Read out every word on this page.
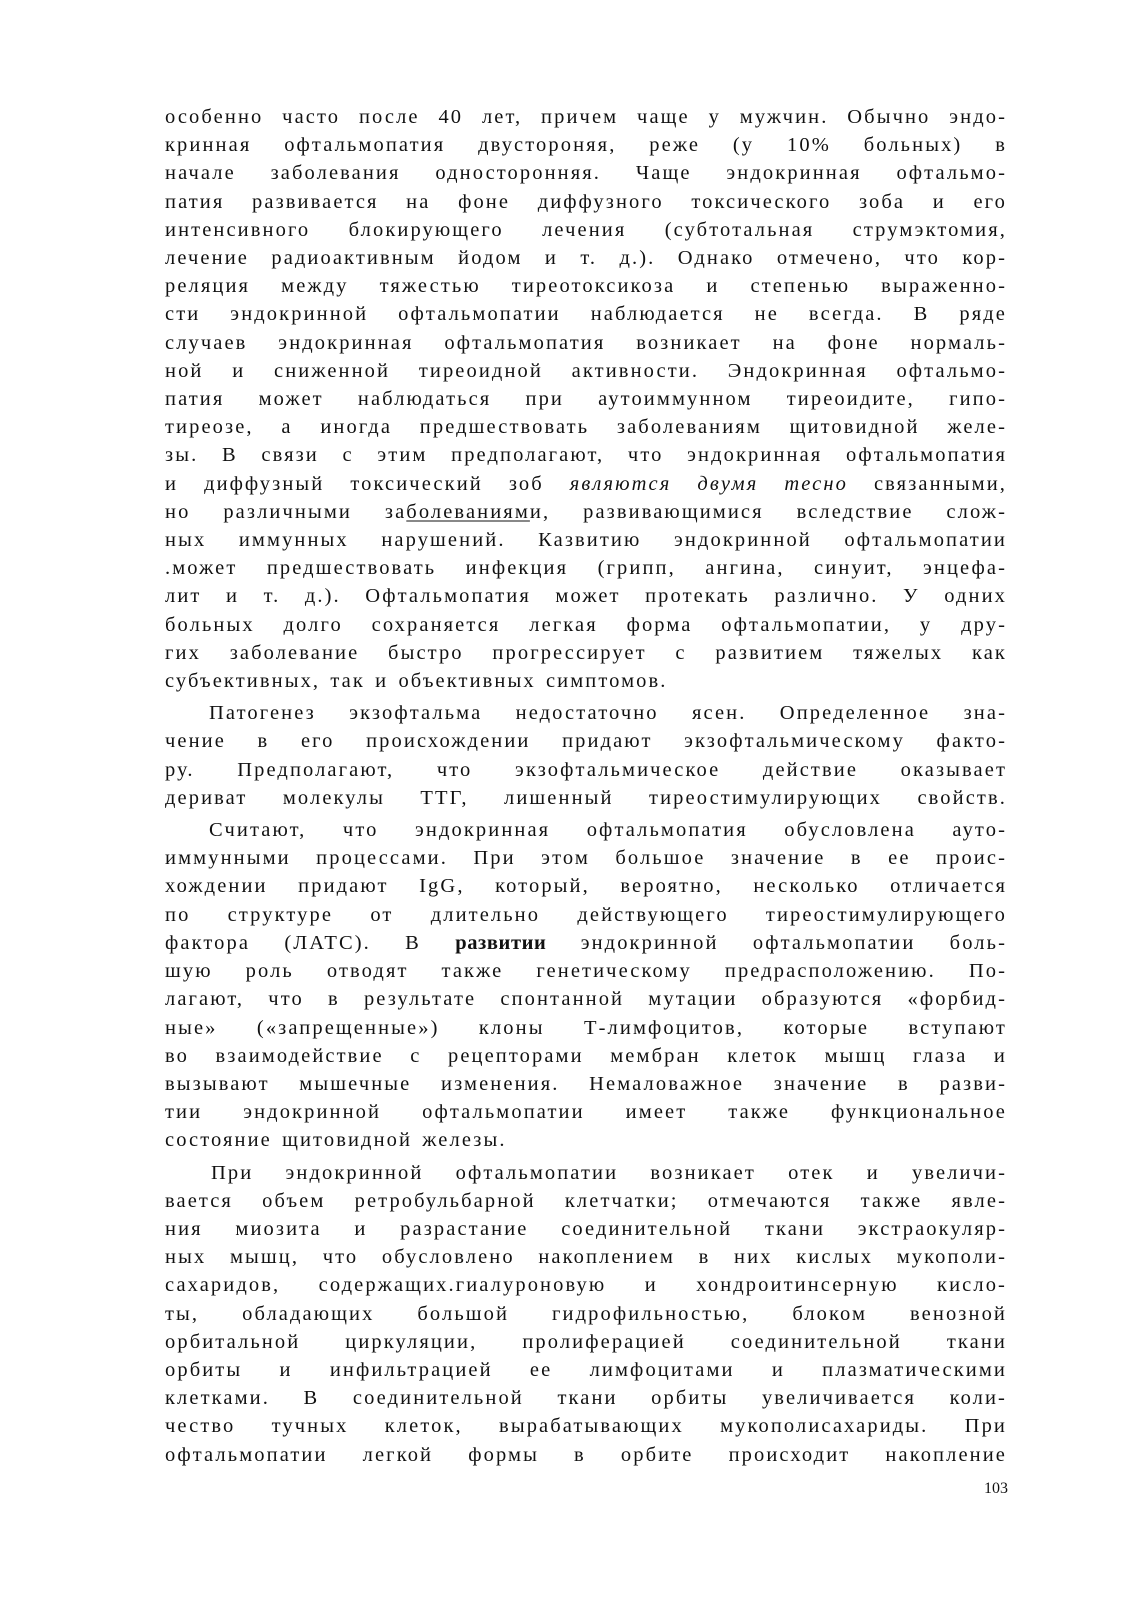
особенно часто после 40 лет, причем чаще у мужчин. Обычно эндо-
кринная офтальмопатия двустороняя, реже (у 10% больных) в
начале заболевания односторонняя. Чаще эндокринная офтальмо-
патия развивается на фоне диффузного токсического зоба и его
интенсивного блокирующего лечения (субтотальная струмэктомия,
лечение радиоактивным йодом и т. д.). Однако отмечено, что кор-
реляция между тяжестью тиреотоксикоза и степенью выраженно-
сти эндокринной офтальмопатии наблюдается не всегда. В ряде
случаев эндокринная офтальмопатия возникает на фоне нормаль-
ной и сниженной тиреоидной активности. Эндокринная офтальмо-
патия может наблюдаться при аутоиммунном тиреоидите, гипо-
тиреозе, а иногда предшествовать заболеваниям щитовидной желе-
зы. В связи с этим предполагают, что эндокринная офтальмопатия
и диффузный токсический зоб являются двумя тесно связанными,
но различными заболеваниями, развивающимися вследствие слож-
ных иммунных нарушений. Казвитию эндокринной офтальмопатии
.может предшествовать инфекция (грипп, ангина, синуит, энцефа-
лит и т. д.). Офтальмопатия может протекать различно. У одних
больных долго сохраняется легкая форма офтальмопатии, у дру-
гих заболевание быстро прогрессирует с развитием тяжелых как
субъективных, так и объективных симптомов.
Патогенез экзофтальма недостаточно ясен. Определенное зна-
чение в его происхождении придают экзофтальмическому факто-
ру. Предполагают, что экзофтальмическое действие оказывает
дериват молекулы ТТГ, лишенный тиреостимулирующих свойств.
Считают, что эндокринная офтальмопатия обусловлена ауто-
иммунными процессами. При этом большое значение в ее проис-
хождении придают IgG, который, вероятно, несколько отличается
по структуре от длительно действующего тиреостимулирующего
фактора (ЛАТС). В развитии эндокринной офтальмопатии боль-
шую роль отводят также генетическому предрасположению. По-
лагают, что в результате спонтанной мутации образуются «форбид-
ные» («запрещенные») клоны Т-лимфоцитов, которые вступают
во взаимодействие с рецепторами мембран клеток мышц глаза и
вызывают мышечные изменения. Немаловажное значение в разви-
тии эндокринной офтальмопатии имеет также функциональное
состояние щитовидной железы.
При эндокринной офтальмопатии возникает отек и увеличи-
вается объем ретробульбарной клетчатки; отмечаются также явле-
ния миозита и разрастание соединительной ткани экстраокуляр-
ных мышц, что обусловлено накоплением в них кислых мукополи-
сахаридов, содержащих.гиалуроновую и хондроитинсерную кисло-
ты, обладающих большой гидрофильностью, блоком венозной
орбитальной циркуляции, пролиферацией соединительной ткани
орбиты и инфильтрацией ее лимфоцитами и плазматическими
клетками. В соединительной ткани орбиты увеличивается коли-
чество тучных клеток, вырабатывающих мукополисахариды. При
офтальмопатии легкой формы в орбите происходит накопление
103
